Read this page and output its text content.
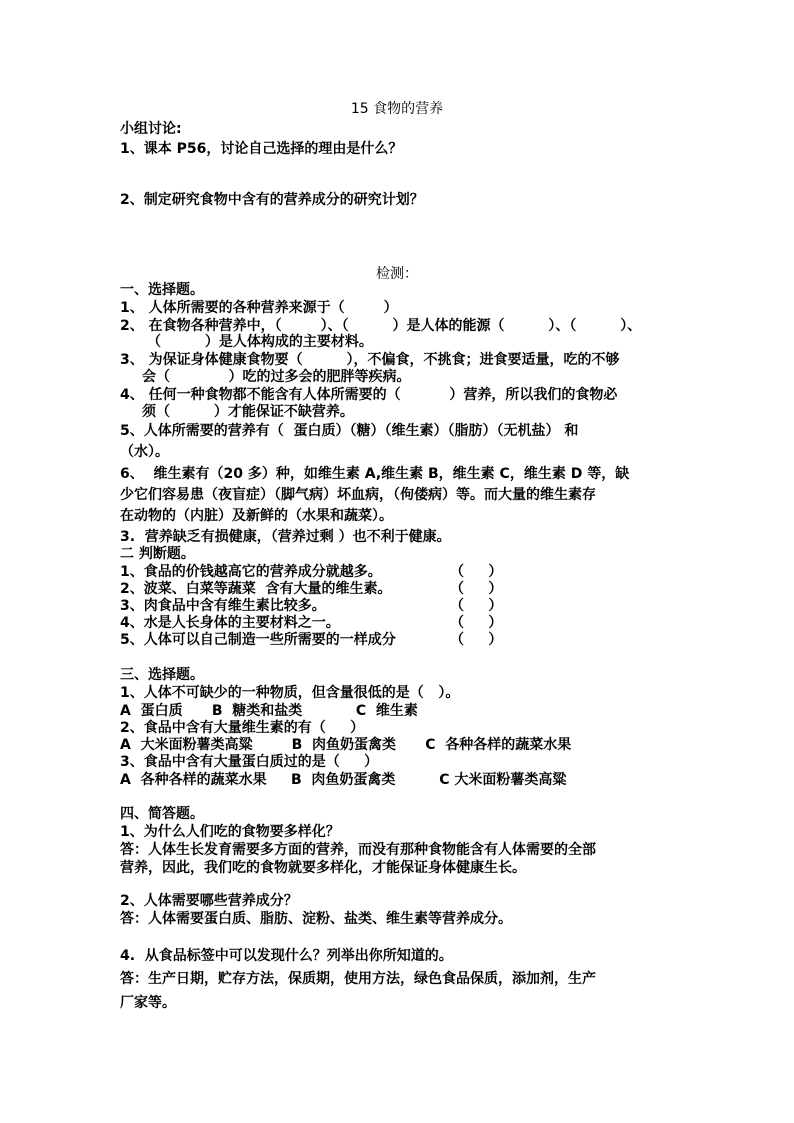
15 食物的营养
小组讨论:
1、课本 P56，讨论自己选择的理由是什么？
2、制定研究食物中含有的营养成分的研究计划？
检测：
一、选择题。
1、 人体所需要的各种营养来源于（        ）
2、 在食物各种营养中，（        ）、（         ）是人体的能源（         ）、（         ）、
（         ）是人体构成的主要材料。
3、 为保证身体健康食物要（         ），不偏食，不挑食；进食要适量，吃的不够
会（            ）吃的过多会的肥胖等疾病。
4、 任何一种食物都不能含有人体所需要的（          ）营养，所以我们的食物必
须（         ）才能保证不缺营养。
5、人体所需要的营养有（  蛋白质）（糖）（维生素）（脂肪）（无机盐） 和
（水）。
6、  维生素有（20 多）种，如维生素 A,维生素 B，维生素 C，维生素 D 等，缺
少它们容易患（夜盲症）（脚气病）坏血病，（佝偻病）等。而大量的维生素存
在动物的（内脏）及新鲜的（水果和蔬菜）。
3.  营养缺乏有损健康，（营养过剩 ）也不利于健康。
二 判断题。
1、食品的价钱越高它的营养成分就越多。	（     ）
2、波菜、白菜等蔬菜  含有大量的维生素。	（     ）
3、肉食品中含有维生素比较多。	（     ）
4、水是人长身体的主要材料之一。	（     ）
5、人体可以自己制造一些所需要的一样成分	（     ）
三、选择题。
1、人体不可缺少的一种物质，但含量很低的是（   ）。
A  蛋白质      B  糖类和盐类           C  维生素
2、食品中含有大量维生素的有（     ）
A  大米面粉薯类高粱        B  肉鱼奶蛋禽类      C  各种各样的蔬菜水果
3、食品中含有大量蛋白质过的是（     ）
A  各种各样的蔬菜水果     B  肉鱼奶蛋禽类         C 大米面粉薯类高粱
四、简答题。
1、为什么人们吃的食物要多样化？
答：人体生长发育需要多方面的营养，而没有那种食物能含有人体需要的全部
营养，因此，我们吃的食物就要多样化，才能保证身体健康生长。
2、人体需要哪些营养成分？
答：人体需要蛋白质、脂肪、淀粉、盐类、维生素等营养成分。
4.  从食品标签中可以发现什么？列举出你所知道的。
答：生产日期，贮存方法，保质期，使用方法，绿色食品保质，添加剂，生产
厂家等。
